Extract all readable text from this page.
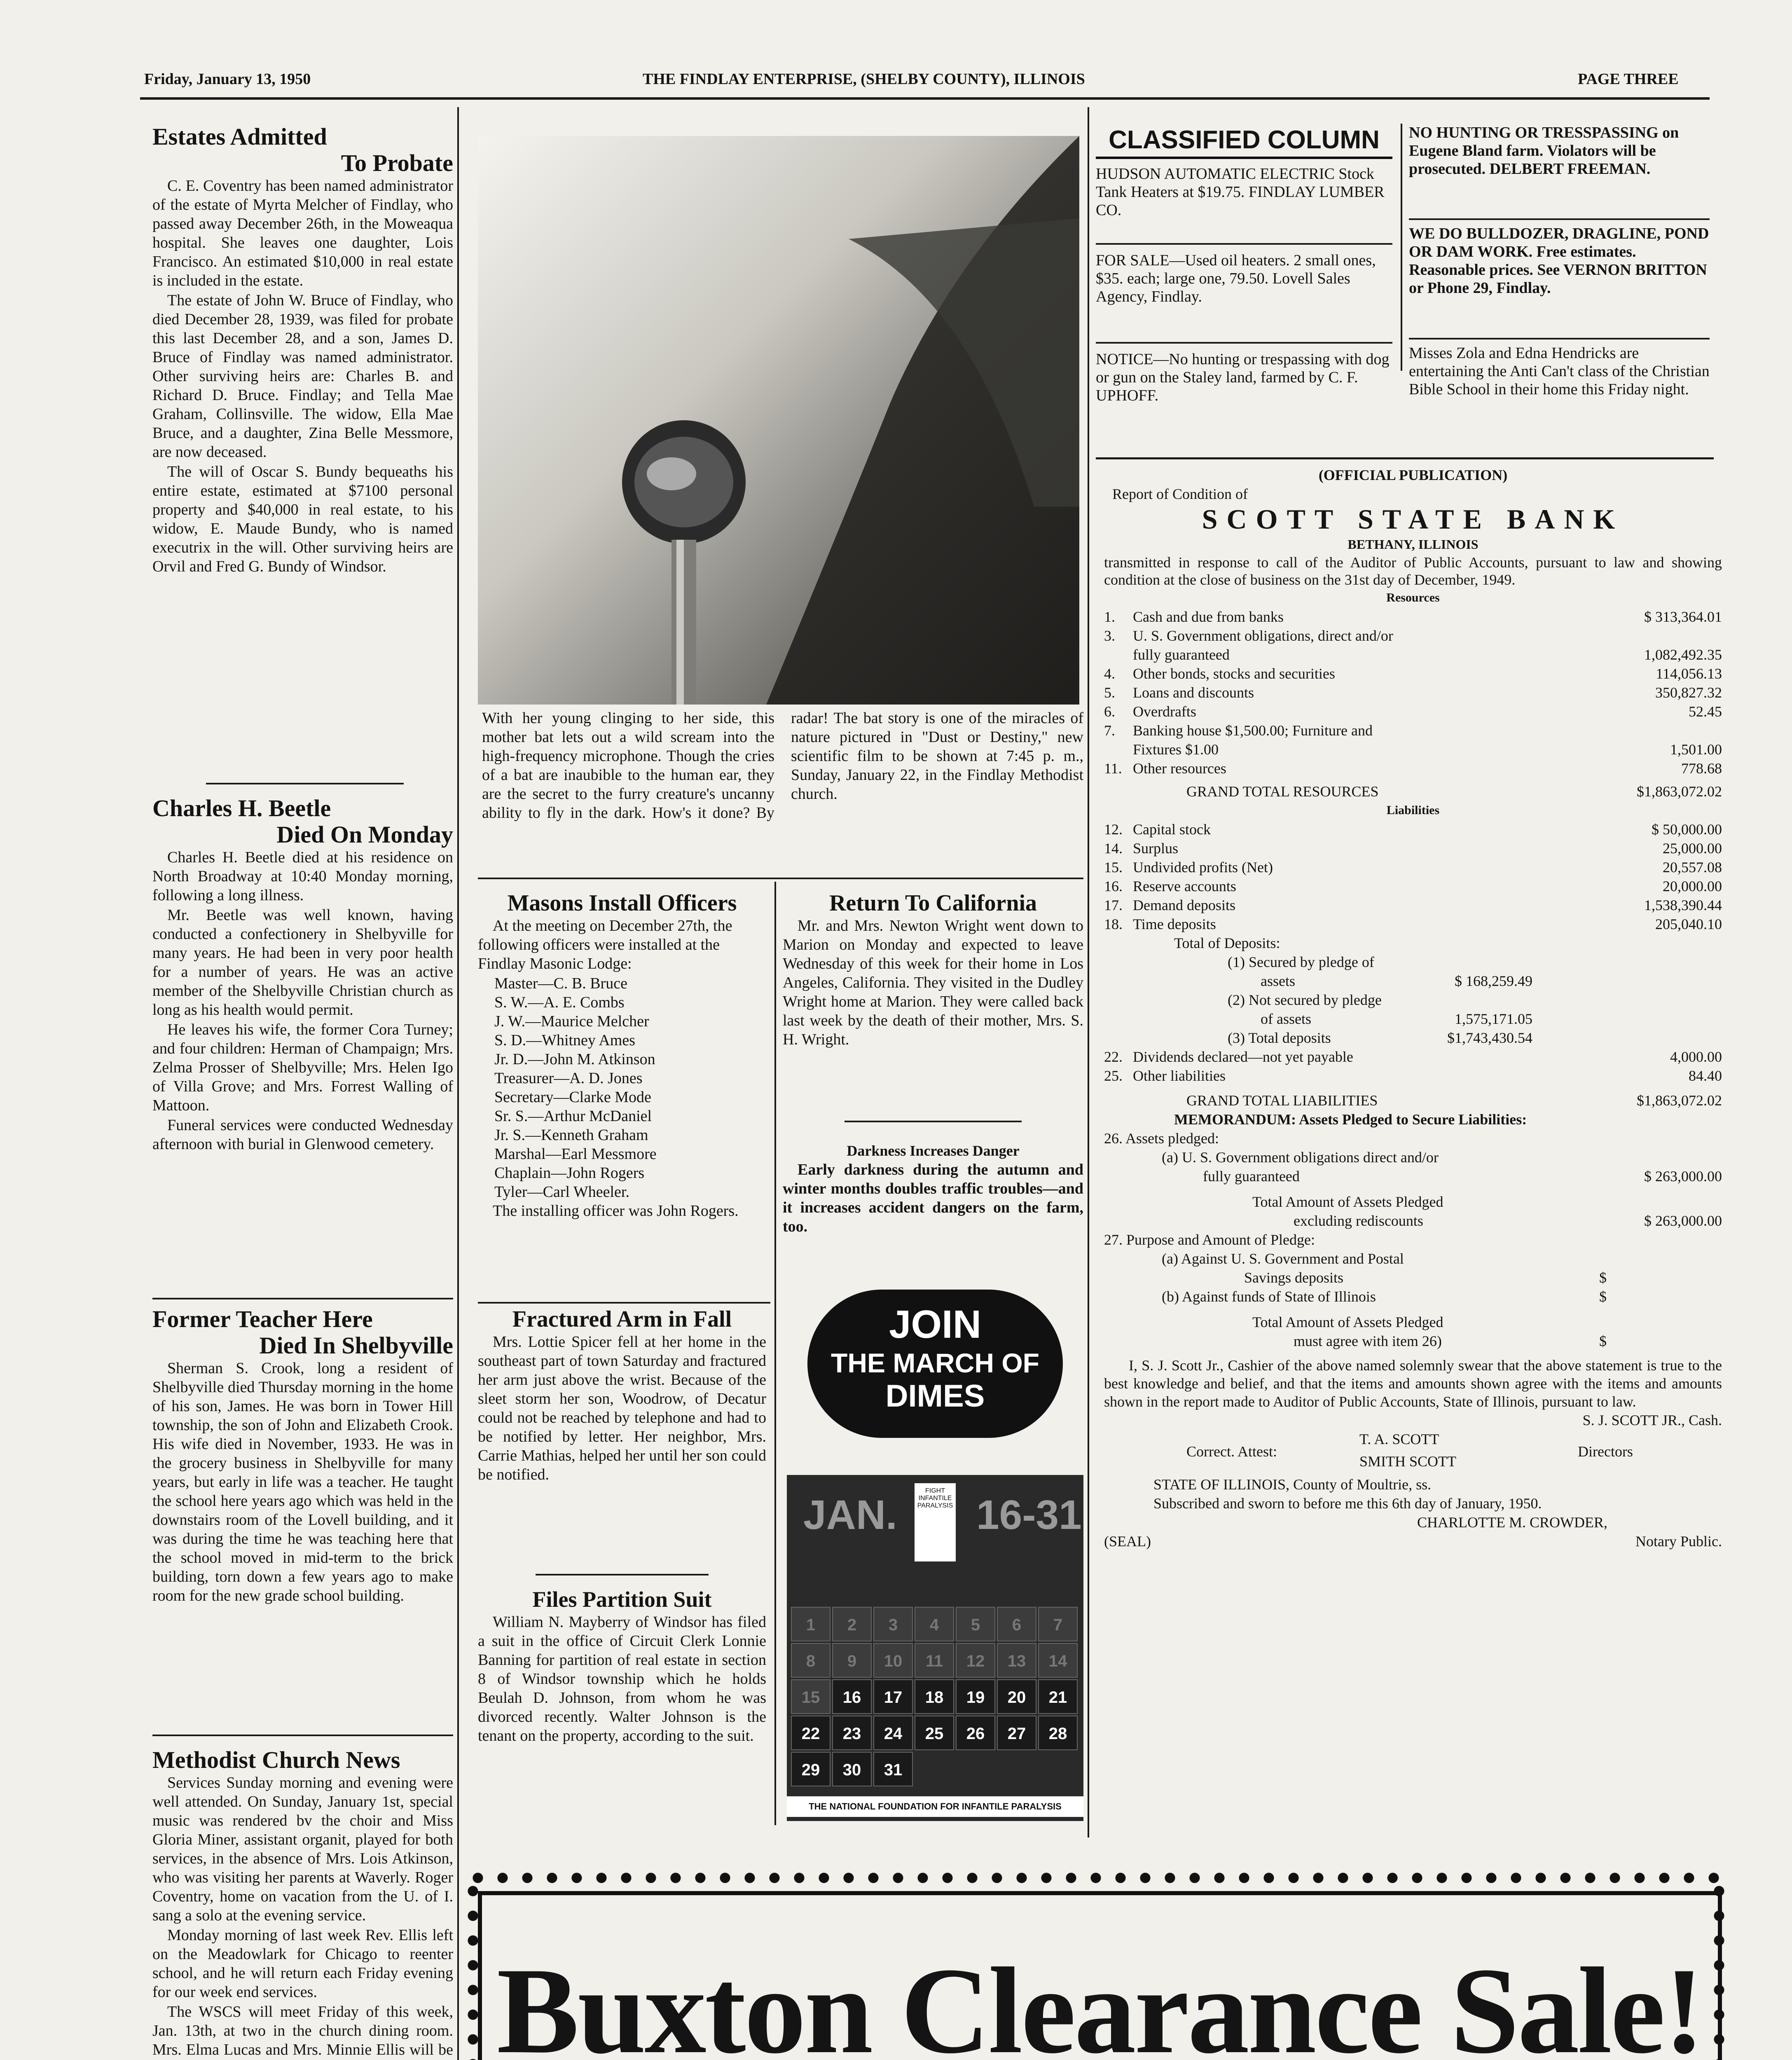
Friday, January 13, 1950	THE FINDLAY ENTERPRISE, (SHELBY COUNTY), ILLINOIS	PAGE THREE
Estates Admitted
To Probate

C. E. Coventry has been named administrator of the estate of Myrta Melcher of Findlay, who passed away December 26th, in the Moweaqua hospital. She leaves one daughter, Lois Francisco. An estimated $10,000 in real estate is included in the estate.

The estate of John W. Bruce of Findlay, who died December 28, 1939, was filed for probate this last December 28, and a son, James D. Bruce of Findlay was named administrator. Other surviving heirs are: Charles B. and Richard D. Bruce. Findlay; and Tella Mae Graham, Collinsville. The widow, Ella Mae Bruce, and a daughter, Zina Belle Messmore, are now deceased.

The will of Oscar S. Bundy bequeaths his entire estate, estimated at $7100 personal property and $40,000 in real estate, to his widow, E. Maude Bundy, who is named executrix in the will. Other surviving heirs are Orvil and Fred G. Bundy of Windsor.

Charles H. Beetle
Died On Monday

Charles H. Beetle died at his residence on North Broadway at 10:40 Monday morning, following a long illness.

Mr. Beetle was well known, having conducted a confectionery in Shelbyville for many years. He had been in very poor health for a number of years. He was an active member of the Shelbyville Christian church as long as his health would permit.

He leaves his wife, the former Cora Turney; and four children: Herman of Champaign; Mrs. Zelma Prosser of Shelbyville; Mrs. Helen Igo of Villa Grove; and Mrs. Forrest Walling of Mattoon.

Funeral services were conducted Wednesday afternoon with burial in Glenwood cemetery.

Former Teacher Here
Died In Shelbyville

Sherman S. Crook, long a resident of Shelbyville died Thursday morning in the home of his son, James. He was born in Tower Hill township, the son of John and Elizabeth Crook. His wife died in November, 1933. He was in the grocery business in Shelbyville for many years, but early in life was a teacher. He taught the school here years ago which was held in the downstairs room of the Lovell building, and it was during the time he was teaching here that the school moved in mid-term to the brick building, torn down a few years ago to make room for the new grade school building.

Methodist Church News

Services Sunday morning and evening were well attended. On Sunday, January 1st, special music was rendered bv the choir and Miss Gloria Miner, assistant organit, played for both services, in the absence of Mrs. Lois Atkinson, who was visiting her parents at Waverly. Roger Coventry, home on vacation from the U. of I. sang a solo at the evening service.

Monday morning of last week Rev. Ellis left on the Meadowlark for Chicago to reenter school, and he will return each Friday evening for our week end services.

The WSCS will meet Friday of this week, Jan. 13th, at two in the church dining room. Mrs. Elma Lucas and Mrs. Minnie Ellis will be

With her young clinging to her side, this mother bat lets out a wild scream into the high-frequency microphone. Though the cries of a bat are inaubible to the human ear, they are the secret to the furry creature's uncanny ability to fly in the dark. How's it done? By radar! The bat story is one of the miracles of nature pictured in "Dust or Destiny," new scientific film to be shown at 7:45 p. m., Sunday, January 22, in the Findlay Methodist church.

Masons Install Officers

At the meeting on December 27th, the following officers were installed at the Findlay Masonic Lodge:

Master—C. B. Bruce
S. W.—A. E. Combs
J. W.—Maurice Melcher
S. D.—Whitney Ames
Jr. D.—John M. Atkinson
Treasurer—A. D. Jones
Secretary—Clarke Mode
Sr. S.—Arthur McDaniel
Jr. S.—Kenneth Graham
Marshal—Earl Messmore
Chaplain—John Rogers
Tyler—Carl Wheeler.

The installing officer was John Rogers.

Fractured Arm in Fall

Mrs. Lottie Spicer fell at her home in the southeast part of town Saturday and fractured her arm just above the wrist. Because of the sleet storm her son, Woodrow, of Decatur could not be reached by telephone and had to be notified by letter. Her neighbor, Mrs. Carrie Mathias, helped her until her son could be notified.

Files Partition Suit

William N. Mayberry of Windsor has filed a suit in the office of Circuit Clerk Lonnie Banning for partition of real estate in section 8 of Windsor township which he holds Beulah D. Johnson, from whom he was divorced recently. Walter Johnson is the tenant on the property, according to the suit.

Return To California

Mr. and Mrs. Newton Wright went down to Marion on Monday and expected to leave Wednesday of this week for their home in Los Angeles, California. They visited in the Dudley Wright home at Marion. They were called back last week by the death of their mother, Mrs. S. H. Wright.

Darkness Increases Danger

Early darkness during the autumn and winter months doubles traffic troubles—and it increases accident dangers on the farm, too.

JOIN
THE MARCH OF
DIMES
JAN. 16-31
FIGHT INFANTILE PARALYSIS
1	2	3	4	5	6	7
8	9	10	11	12	13	14
15	16	17	18	19	20	21
22	23	24	25	26	27	28
29	30	31
THE NATIONAL FOUNDATION FOR INFANTILE PARALYSIS
CLASSIFIED COLUMN
HUDSON AUTOMATIC ELECTRIC Stock Tank Heaters at $19.75. FINDLAY LUMBER CO.
FOR SALE—Used oil heaters. 2 small ones, $35. each; large one, 79.50. Lovell Sales Agency, Findlay.
NOTICE—No hunting or trespassing with dog or gun on the Staley land, farmed by C. F. UPHOFF.
NO HUNTING OR TRESSPASSING on Eugene Bland farm. Violators will be prosecuted. DELBERT FREEMAN.
WE DO BULLDOZER, DRAGLINE, POND OR DAM WORK. Free estimates. Reasonable prices. See VERNON BRITTON or Phone 29, Findlay.
Misses Zola and Edna Hendricks are entertaining the Anti Can't class of the Christian Bible School in their home this Friday night.
(OFFICIAL PUBLICATION)
Report of Condition of
SCOTT STATE BANK
BETHANY, ILLINOIS
transmitted in response to call of the Auditor of Public Accounts, pursuant to law and showing condition at the close of business on the 31st day of December, 1949.
Resources
1. Cash and due from banks	$ 313,364.01
3. U. S. Government obligations, direct and/or
fully guaranteed	1,082,492.35
4. Other bonds, stocks and securities	114,056.13
5. Loans and discounts	350,827.32
6. Overdrafts	52.45
7. Banking house $1,500.00; Furniture and
Fixtures $1.00	1,501.00
11. Other resources	778.68
GRAND TOTAL RESOURCES	$1,863,072.02
Liabilities
12. Capital stock	$ 50,000.00
14. Surplus	25,000.00
15. Undivided profits (Net)	20,557.08
16. Reserve accounts	20,000.00
17. Demand deposits	1,538,390.44
18. Time deposits	205,040.10
Total of Deposits:
(1) Secured by pledge of
assets	$ 168,259.49
(2) Not secured by pledge
of assets	1,575,171.05
(3) Total deposits	$1,743,430.54
22. Dividends declared—not yet payable	4,000.00
25. Other liabilities	84.40
GRAND TOTAL LIABILITIES	$1,863,072.02
MEMORANDUM: Assets Pledged to Secure Liabilities:
26. Assets pledged:
(a) U. S. Government obligations direct and/or
fully guaranteed	$ 263,000.00
Total Amount of Assets Pledged
excluding rediscounts	$ 263,000.00
27. Purpose and Amount of Pledge:
(a) Against U. S. Government and Postal
Savings deposits	$
(b) Against funds of State of Illinois	$
Total Amount of Assets Pledged
must agree with item 26)	$
I, S. J. Scott Jr., Cashier of the above named solemnly swear that the above statement is true to the best knowledge and belief, and that the items and amounts shown agree with the items and amounts shown in the report made to Auditor of Public Accounts, State of Illinois, pursuant to law.
S. J. SCOTT JR., Cash.
Correct. Attest:
T. A. SCOTT
SMITH SCOTT
Directors
STATE OF ILLINOIS, County of Moultrie, ss.
Subscribed and sworn to before me this 6th day of January, 1950.
CHARLOTTE M. CROWDER,
(SEAL)	Notary Public.
Buxton Clearance Sale!
